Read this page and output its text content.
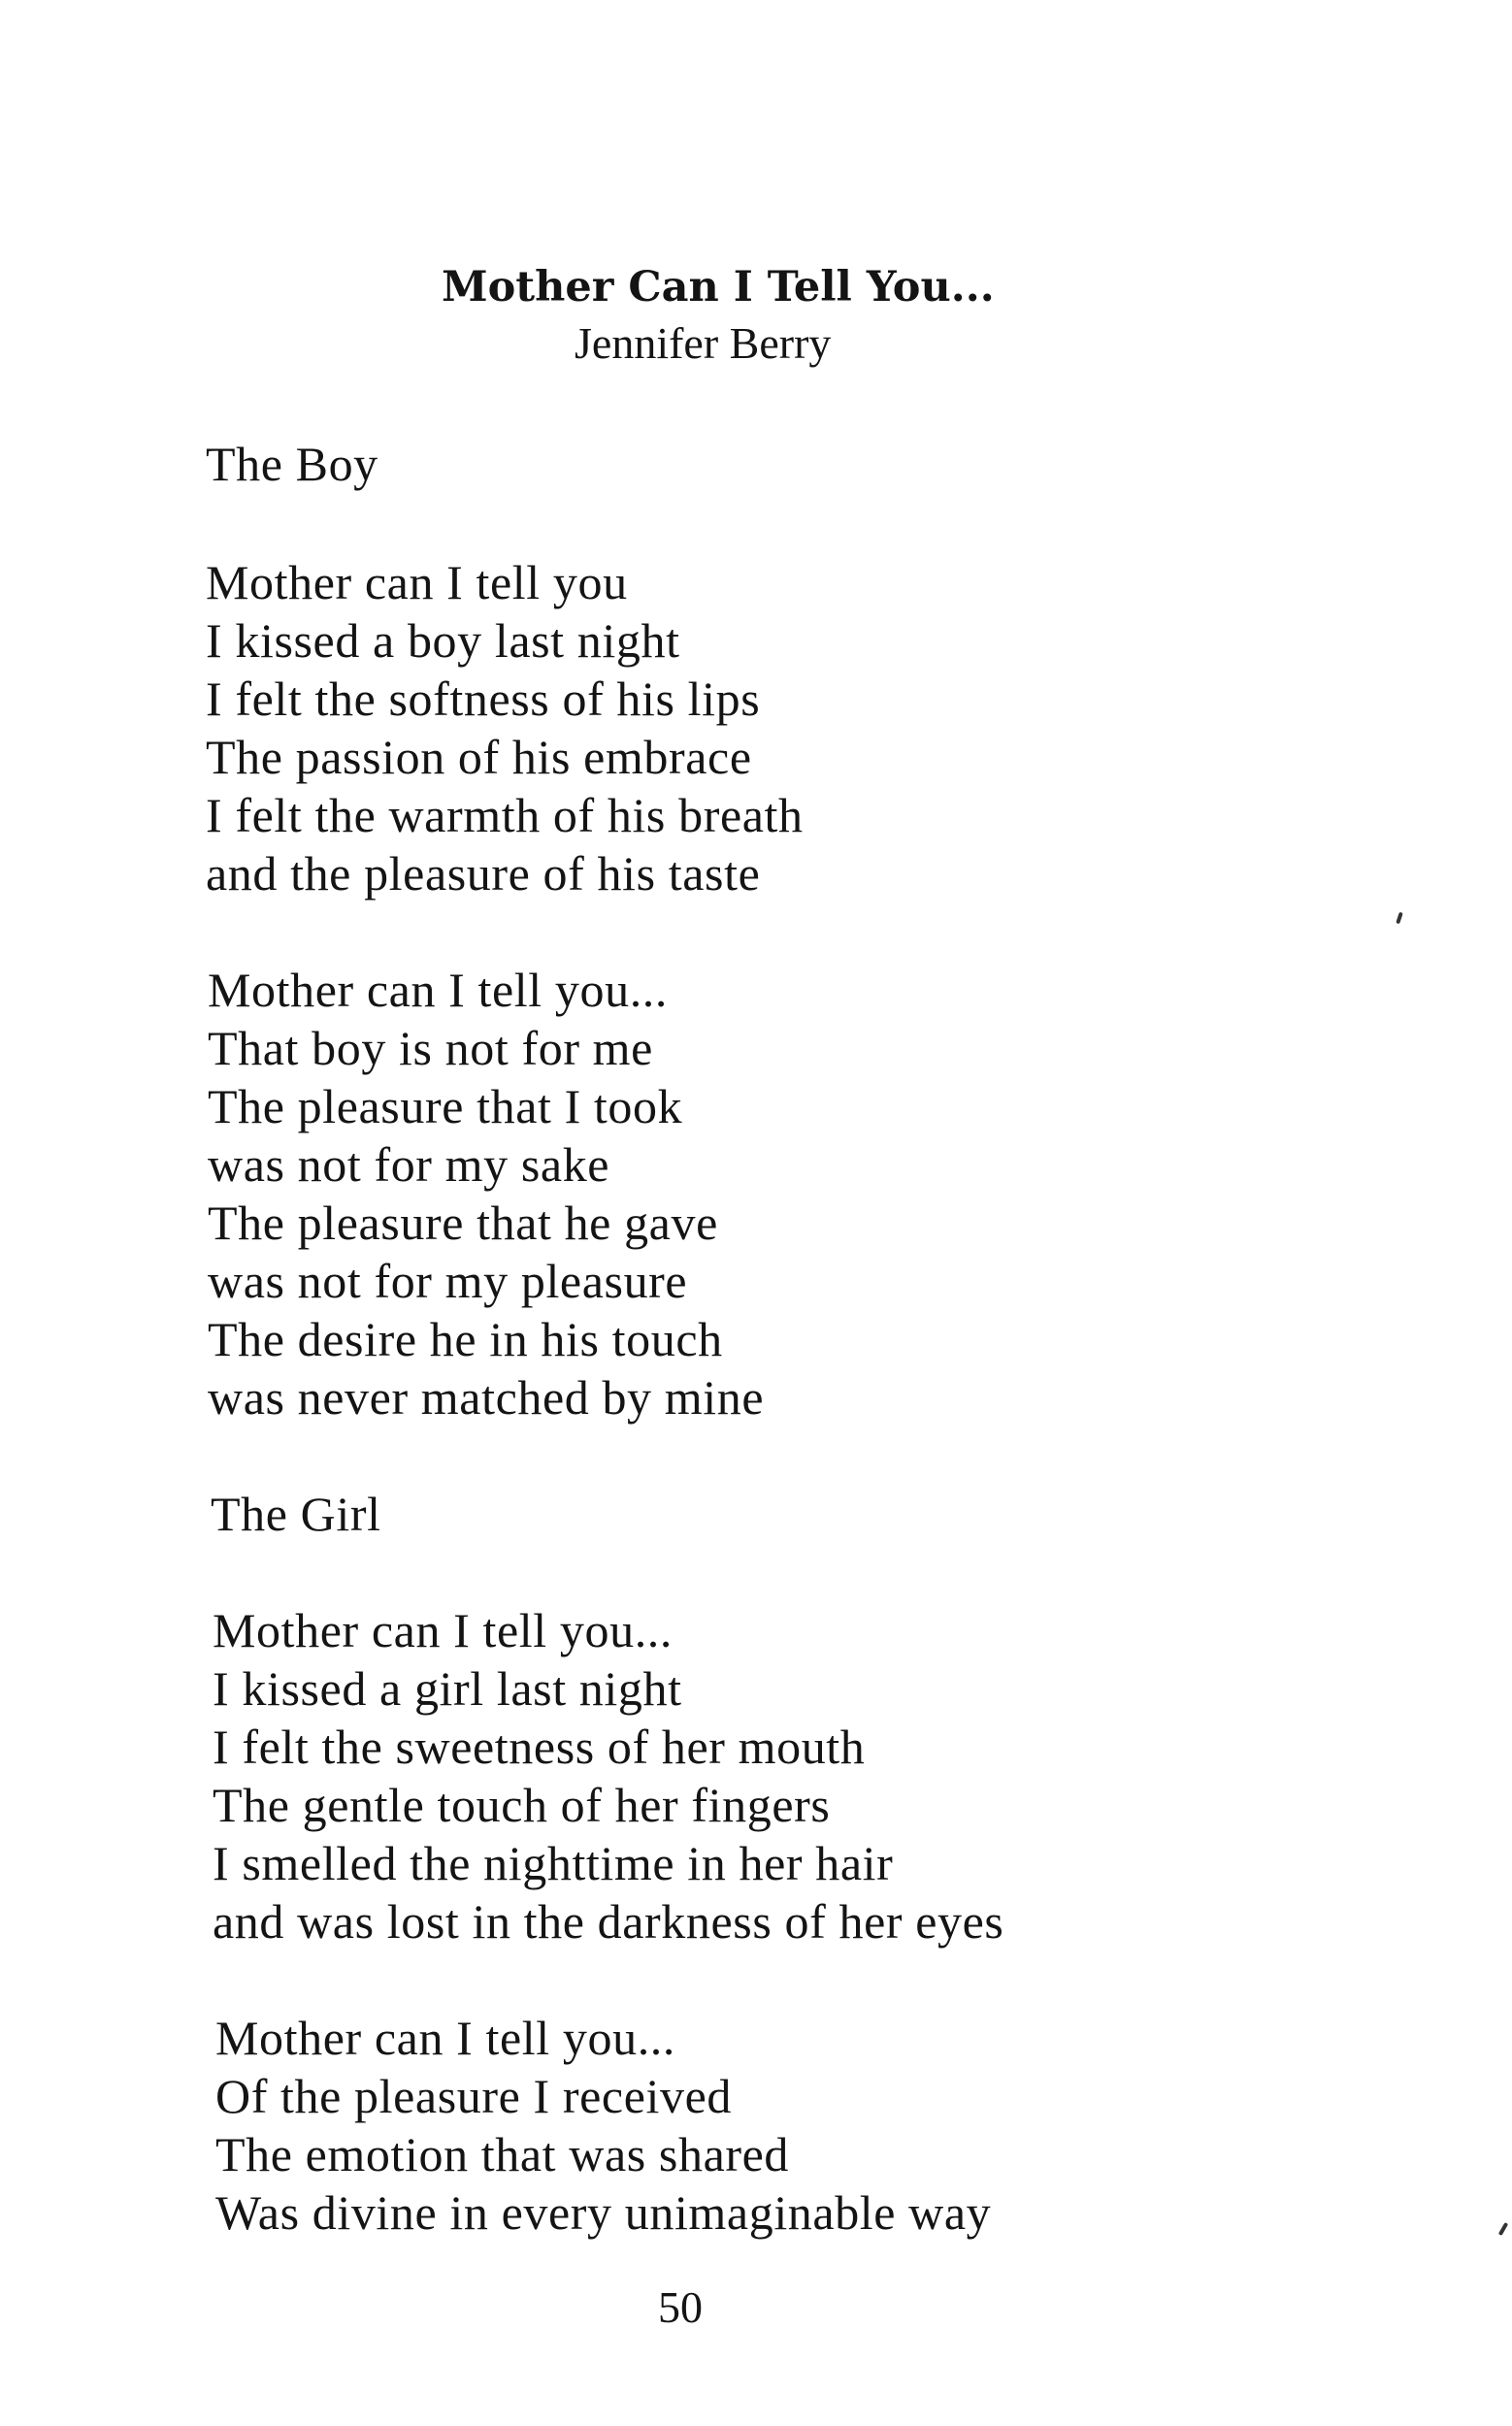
Mother Can I Tell You...
Jennifer Berry
The Boy
Mother can I tell you
I kissed a boy last night
I felt the softness of his lips
The passion of his embrace
I felt the warmth of his breath
and the pleasure of his taste
Mother can I tell you...
That boy is not for me
The pleasure that I took
was not for my sake
The pleasure that he gave
was not for my pleasure
The desire he in his touch
was never matched by mine
The Girl
Mother can I tell you...
I kissed a girl last night
I felt the sweetness of her mouth
The gentle touch of her fingers
I smelled the nighttime in her hair
and was lost in the darkness of her eyes
Mother can I tell you...
Of the pleasure I received
The emotion that was shared
Was divine in every unimaginable way
50
